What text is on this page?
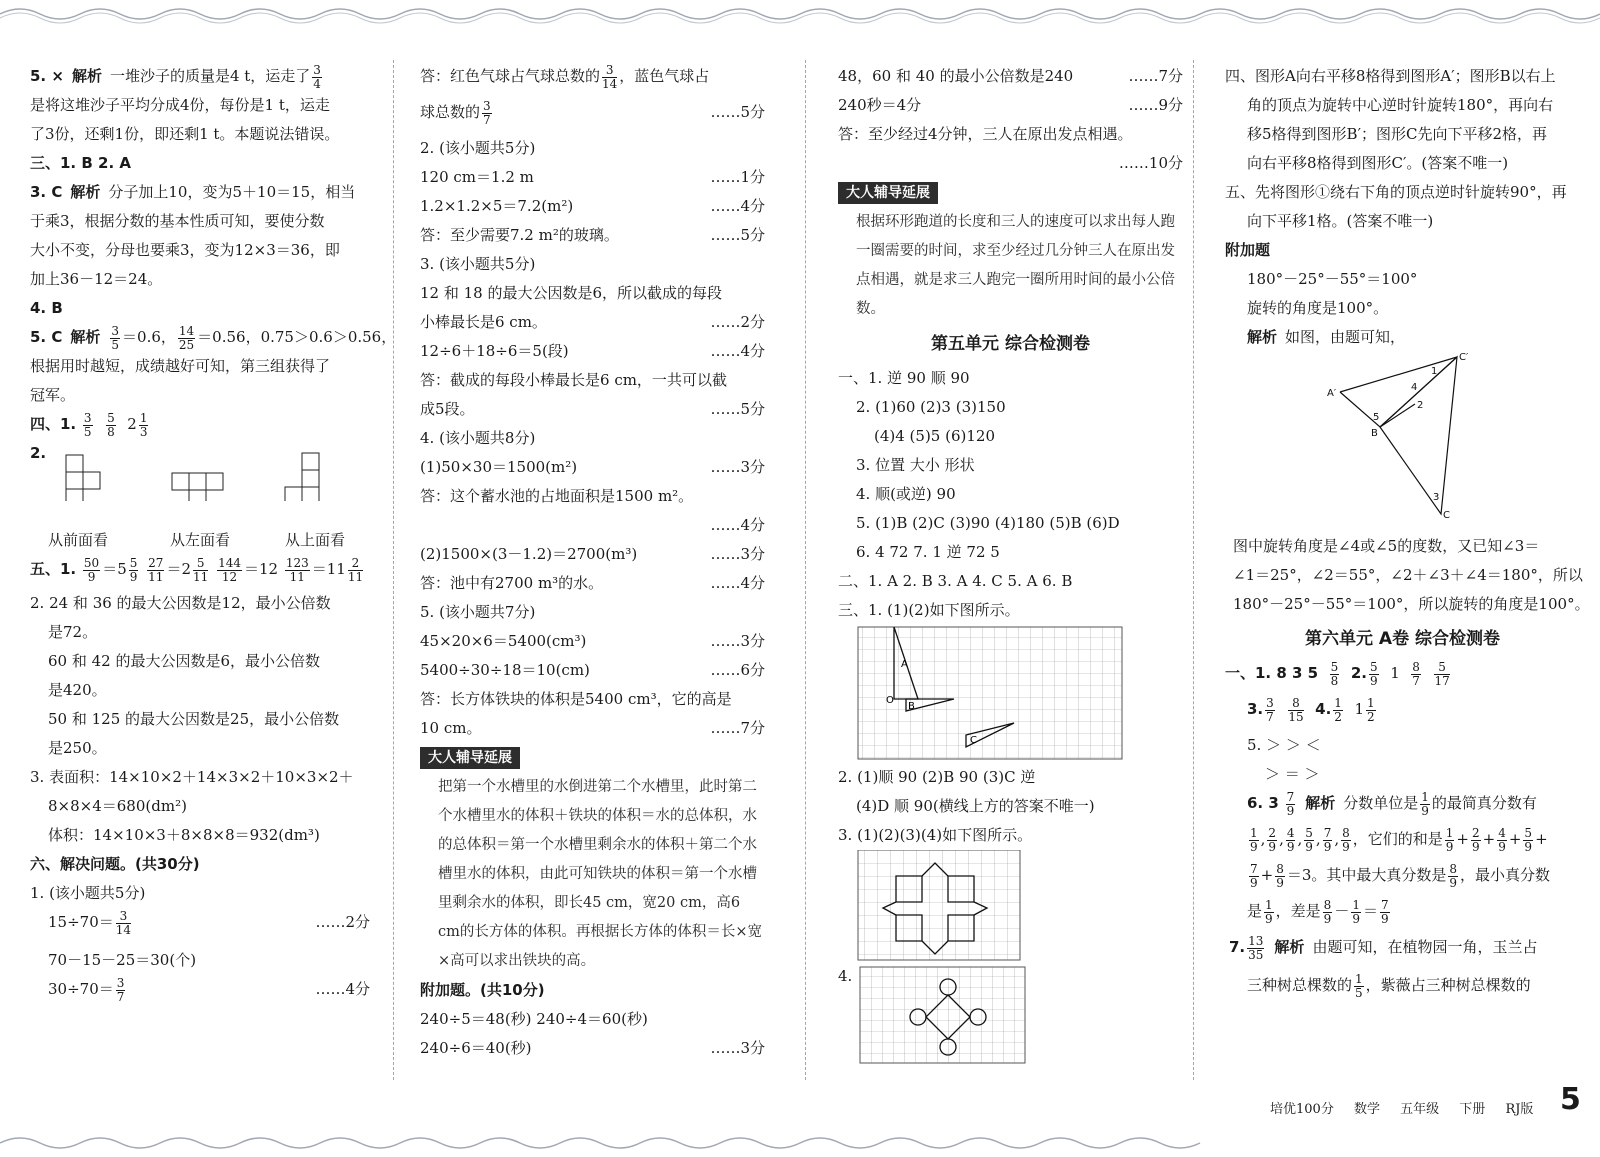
5. × 解析 一堆沙子的质量是4 t，运走了 $\frac{3}{4}$
是将这堆沙子平均分成4份，每份是1 t，运走
了3份，还剩1份，即还剩1 t。本题说法错误。
三、1. B 2. A
3. C 解析 分子加上10，变为5＋10＝15，相当
于乘3，根据分数的基本性质可知，要使分数
大小不变，分母也要乘3，变为12×3＝36，即
加上36－12＝24。
4. B
5. C 解析 $\frac{3}{5} =0.6$， $\frac{14}{25} =0.56$，0.75＞0.6＞0.56，
根据用时越短，成绩越好可知，第三组获得了
冠军。
四、1. $\frac{3}{5}$
$\frac{5}{8} 2 \frac{1}{3}$
2.
从前面看	从左面看	从上面看
五、1. $\frac{50}{9} =5 \frac{5}{9}$
$\frac{27}{11} =2 \frac{5}{11}$
$\frac{144}{12} =12 \frac{123}{11} =11 \frac{2}{11}$
2. 24 和 36 的最大公因数是12，最小公倍数
是72。
60 和 42 的最大公因数是6，最小公倍数
是420。
50 和 125 的最大公因数是25，最小公倍数
是250。
3. 表面积：14×10×2＋14×3×2＋10×3×2＋
8×8×4＝680(dm²)
体积：14×10×3＋8×8×8＝932(dm³)
六、解决问题。(共30分)
1. (该小题共5分)
$15\div 70= \frac{3}{14}$	……2分
70－15－25＝30(个)
$30\div 70= \frac{3}{7}$	……4分
答：红色气球占气球总数的 $\frac{3}{14}$ ，蓝色气球占
球总数的 $\frac{3}{7}$	……5分
2. (该小题共5分)
120 cm＝1.2 m	……1分
1.2×1.2×5＝7.2(m²)	……4分
答：至少需要7.2 m²的玻璃。	……5分
3. (该小题共5分)
12 和 18 的最大公因数是6，所以截成的每段
小棒最长是6 cm。	……2分
12÷6＋18÷6＝5(段)	……4分
答：截成的每段小棒最长是6 cm，一共可以截
成5段。	……5分
4. (该小题共8分)
(1)50×30＝1500(m²)	……3分
答：这个蓄水池的占地面积是1500 m²。
……4分
(2)1500×(3－1.2)＝2700(m³)	……3分
答：池中有2700 m³的水。	……4分
5. (该小题共7分)
45×20×6＝5400(cm³)	……3分
5400÷30÷18＝10(cm)	……6分
答：长方体铁块的体积是5400 cm³，它的高是
10 cm。	……7分
大人辅导延展
把第一个水槽里的水倒进第二个水槽里，此时第二个水槽里水的体积＋铁块的体积＝水的总体积，水的总体积＝第一个水槽里剩余水的体积＋第二个水槽里水的体积，由此可知铁块的体积＝第一个水槽里剩余水的体积，即长45 cm，宽20 cm，高6 cm的长方体的体积。再根据长方体的体积＝长×宽×高可以求出铁块的高。
附加题。(共10分)
240÷5＝48(秒) 240÷4＝60(秒)
240÷6＝40(秒)	……3分
48，60 和 40 的最小公倍数是240	……7分
240秒＝4分	……9分
答：至少经过4分钟，三人在原出发点相遇。
……10分
大人辅导延展
根据环形跑道的长度和三人的速度可以求出每人跑一圈需要的时间，求至少经过几分钟三人在原出发点相遇，就是求三人跑完一圈所用时间的最小公倍数。
第五单元 综合检测卷
一、1. 逆 90 顺 90
2. (1)60 (2)3 (3)150
(4)4 (5)5 (6)120
3. 位置 大小 形状
4. 顺(或逆) 90
5. (1)B (2)C (3)90 (4)180 (5)B (6)D
6. 4 72 7. 1 逆 72 5
二、1. A 2. B 3. A 4. C 5. A 6. B
三、1. (1)(2)如下图所示。
A
O
B
C
2. (1)顺 90 (2)B 90 (3)C 逆
(4)D 顺 90(横线上方的答案不唯一)
3. (1)(2)(3)(4)如下图所示。
4.
四、图形A向右平移8格得到图形A′；图形B以右上
角的顶点为旋转中心逆时针旋转180°，再向右
移5格得到图形B′；图形C先向下平移2格，再
向右平移8格得到图形C′。(答案不唯一)
五、先将图形①绕右下角的顶点逆时针旋转90°，再
向下平移1格。(答案不唯一)
附加题
180°－25°－55°＝100°
旋转的角度是100°。
解析 如图，由题可知，
C′
A′
B
C
1
2
3
4
5
图中旋转角度是∠4或∠5的度数，又已知∠3＝
∠1＝25°，∠2＝55°，∠2＋∠3＋∠4＝180°，所以
180°－25°－55°＝100°，所以旋转的角度是100°。
第六单元 A卷 综合检测卷
一、1. 8 3 $5 \frac{5}{8} 2$. $\frac{5}{9} 1 \frac{8}{7}$
$\frac{5}{17}$
3. $\frac{3}{7}$
$\frac{8}{15} 4$. $\frac{1}{2} 1 \frac{1}{2}$
5. ＞ ＞ ＜
＞ ＝ ＞
6. $3 \frac{7}{9}$ 解析 分数单位是 $\frac{1}{9}$ 的最简真分数有
$\frac{1}{9}$ , $\frac{2}{9}$ , $\frac{4}{9}$ , $\frac{5}{9}$ , $\frac{7}{9}$ , $\frac{8}{9}$ ，它们的和是 $\frac{1}{9} + \frac{2}{9} + \frac{4}{9} + \frac{5}{9}$ +
$\frac{7}{9} + \frac{8}{9} =3$。其中最大真分数是 $\frac{8}{9}$ ，最小真分数
是 $\frac{1}{9}$ ，差是 $\frac{8}{9} - \frac{1}{9} = \frac{7}{9}$
7. $\frac{13}{35}$ 解析 由题可知，在植物园一角，玉兰占
三种树总棵数的 $\frac{1}{5}$ ，紫薇占三种树总棵数的
培优100分 数学 五年级 下册 RJ版 5
